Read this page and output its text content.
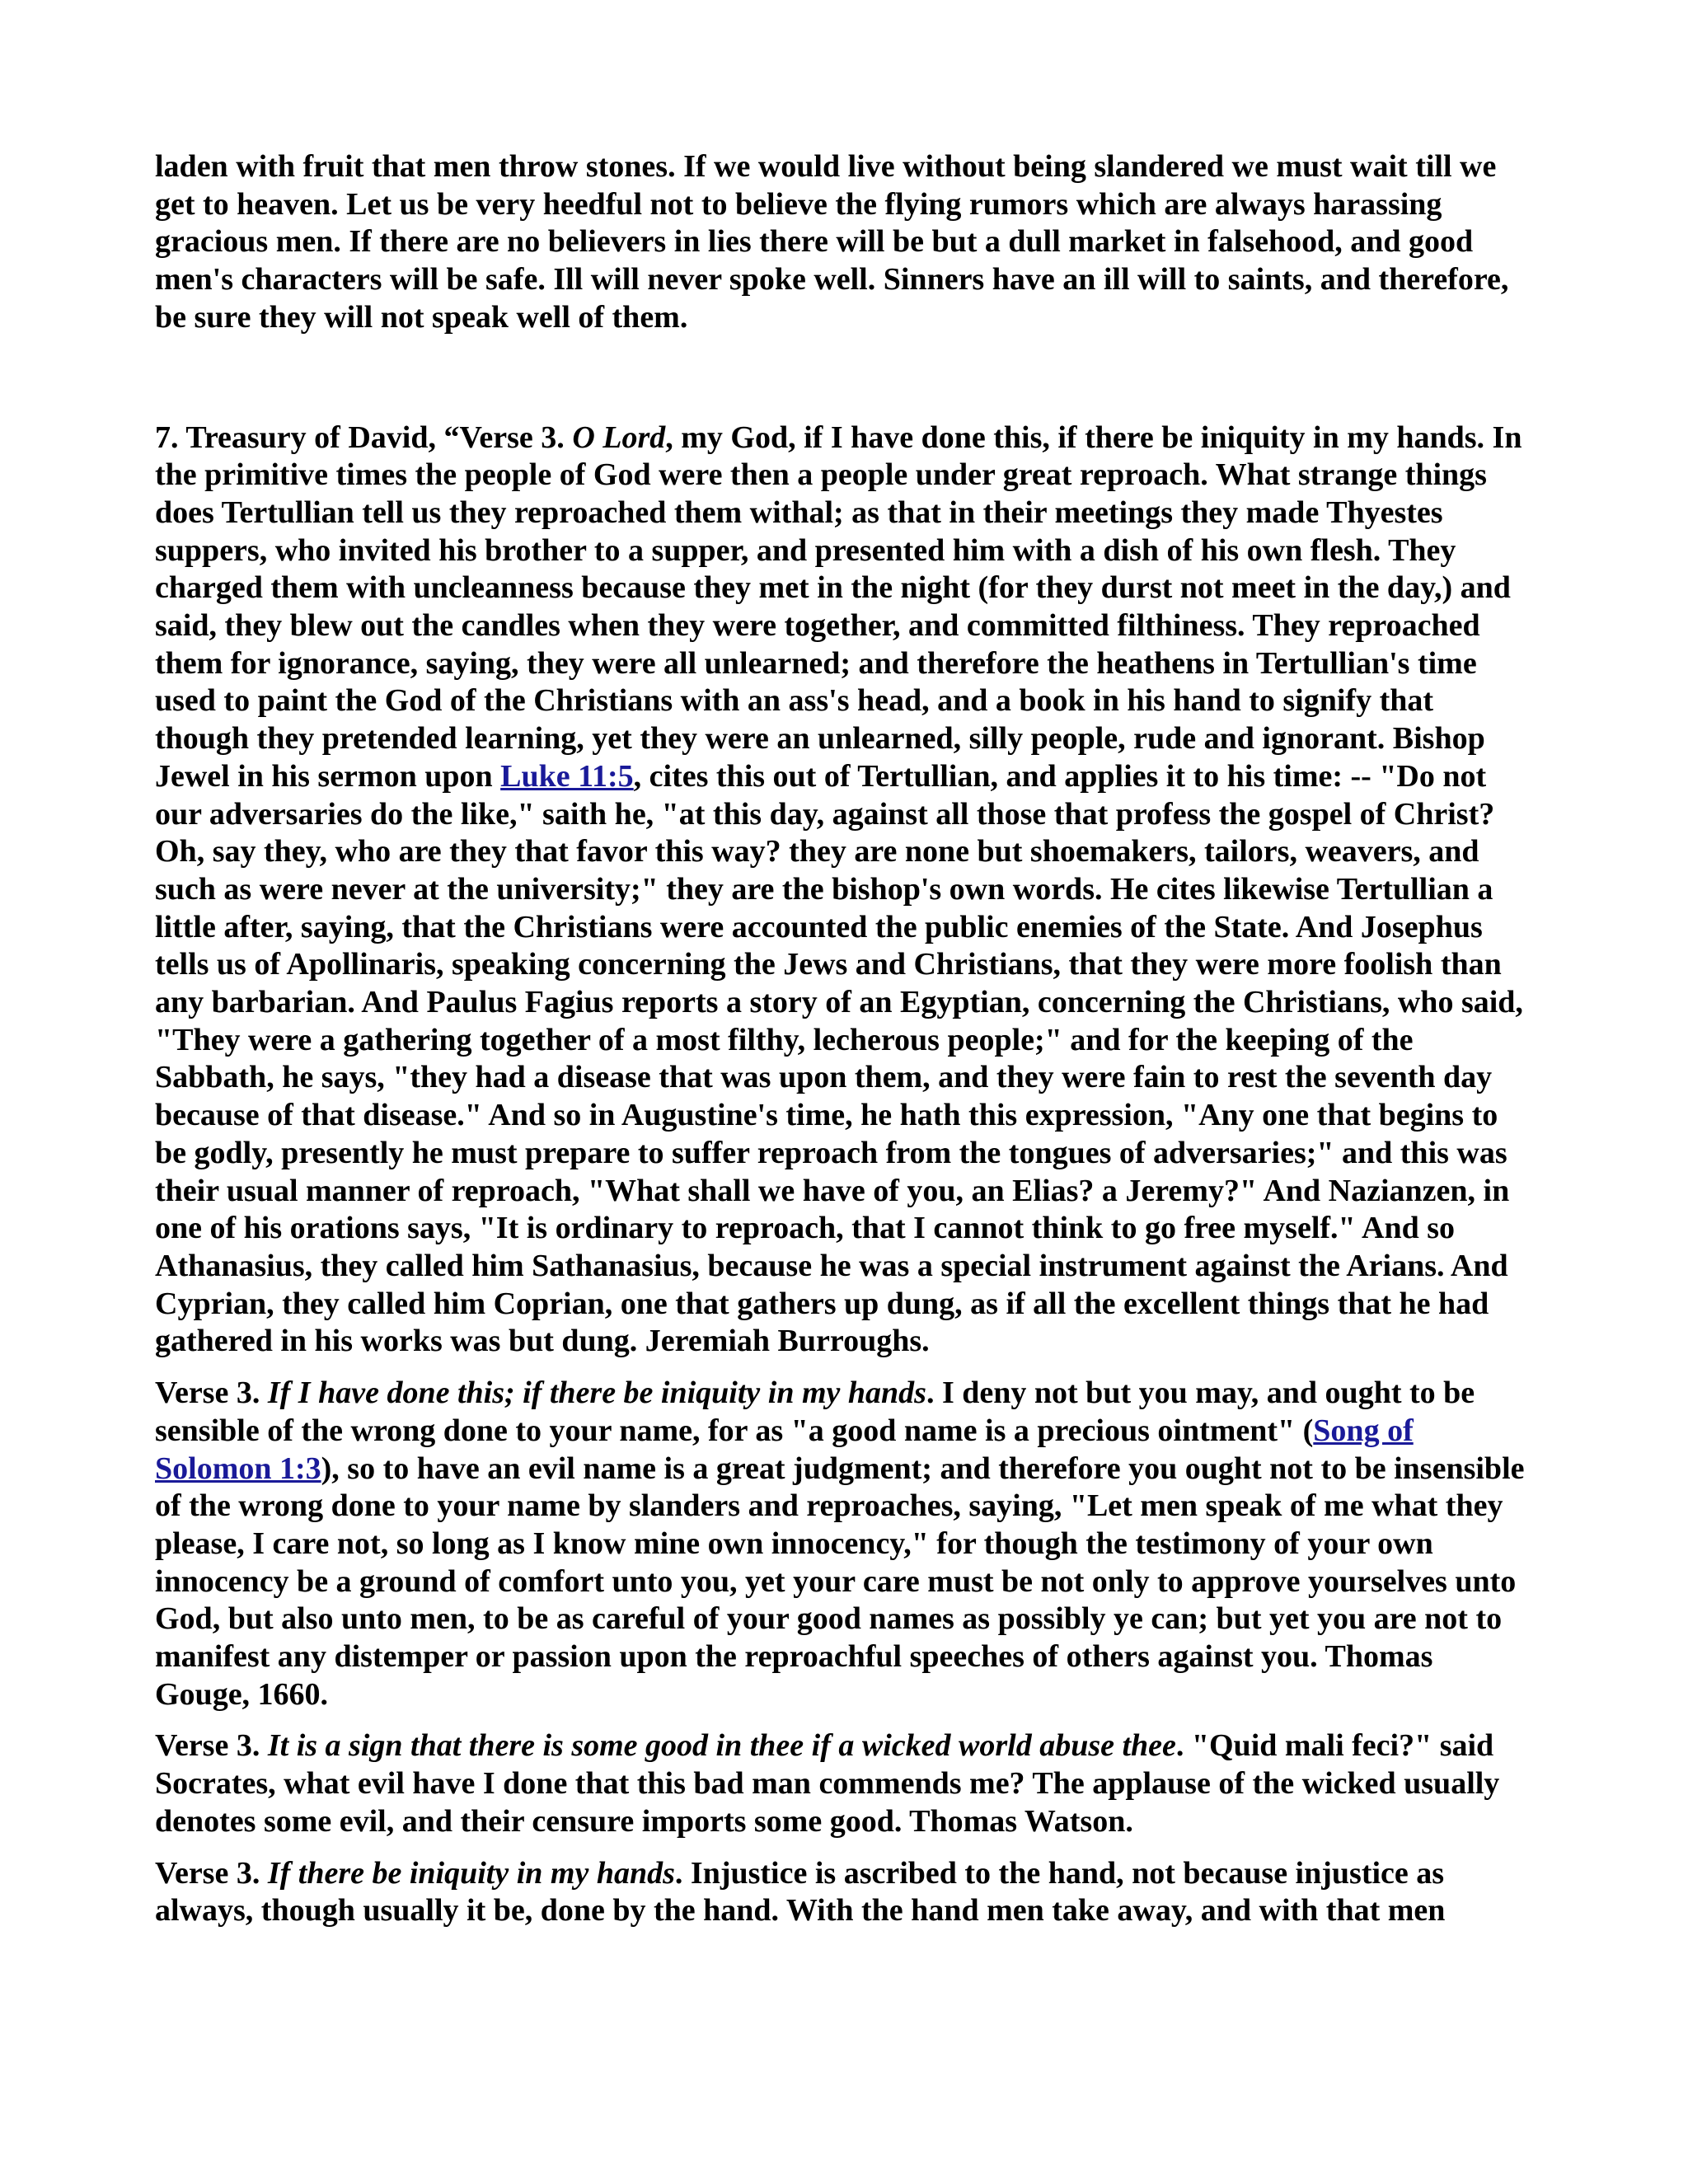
laden with fruit that men throw stones. If we would live without being slandered we must wait till we get to heaven. Let us be very heedful not to believe the flying rumors which are always harassing gracious men. If there are no believers in lies there will be but a dull market in falsehood, and good men's characters will be safe. Ill will never spoke well. Sinners have an ill will to saints, and therefore, be sure they will not speak well of them.

7. Treasury of David, “Verse 3. O Lord, my God, if I have done this, if there be iniquity in my hands. In the primitive times the people of God were then a people under great reproach. What strange things does Tertullian tell us they reproached them withal; as that in their meetings they made Thyestes suppers, who invited his brother to a supper, and presented him with a dish of his own flesh. They charged them with uncleanness because they met in the night (for they durst not meet in the day,) and said, they blew out the candles when they were together, and committed filthiness. They reproached them for ignorance, saying, they were all unlearned; and therefore the heathens in Tertullian's time used to paint the God of the Christians with an ass's head, and a book in his hand to signify that though they pretended learning, yet they were an unlearned, silly people, rude and ignorant. Bishop Jewel in his sermon upon Luke 11:5, cites this out of Tertullian, and applies it to his time: -- "Do not our adversaries do the like," saith he, "at this day, against all those that profess the gospel of Christ? Oh, say they, who are they that favor this way? they are none but shoemakers, tailors, weavers, and such as were never at the university;" they are the bishop's own words. He cites likewise Tertullian a little after, saying, that the Christians were accounted the public enemies of the State. And Josephus tells us of Apollinaris, speaking concerning the Jews and Christians, that they were more foolish than any barbarian. And Paulus Fagius reports a story of an Egyptian, concerning the Christians, who said, "They were a gathering together of a most filthy, lecherous people;" and for the keeping of the Sabbath, he says, "they had a disease that was upon them, and they were fain to rest the seventh day because of that disease." And so in Augustine's time, he hath this expression, "Any one that begins to be godly, presently he must prepare to suffer reproach from the tongues of adversaries;" and this was their usual manner of reproach, "What shall we have of you, an Elias? a Jeremy?" And Nazianzen, in one of his orations says, "It is ordinary to reproach, that I cannot think to go free myself." And so Athanasius, they called him Sathanasius, because he was a special instrument against the Arians. And Cyprian, they called him Coprian, one that gathers up dung, as if all the excellent things that he had gathered in his works was but dung. Jeremiah Burroughs.

Verse 3. If I have done this; if there be iniquity in my hands. I deny not but you may, and ought to be sensible of the wrong done to your name, for as "a good name is a precious ointment" (Song of Solomon 1:3), so to have an evil name is a great judgment; and therefore you ought not to be insensible of the wrong done to your name by slanders and reproaches, saying, "Let men speak of me what they please, I care not, so long as I know mine own innocency," for though the testimony of your own innocency be a ground of comfort unto you, yet your care must be not only to approve yourselves unto God, but also unto men, to be as careful of your good names as possibly ye can; but yet you are not to manifest any distemper or passion upon the reproachful speeches of others against you. Thomas Gouge, 1660.

Verse 3. It is a sign that there is some good in thee if a wicked world abuse thee. "Quid mali feci?" said Socrates, what evil have I done that this bad man commends me? The applause of the wicked usually denotes some evil, and their censure imports some good. Thomas Watson.

Verse 3. If there be iniquity in my hands. Injustice is ascribed to the hand, not because injustice as always, though usually it be, done by the hand. With the hand men take away, and with that men
